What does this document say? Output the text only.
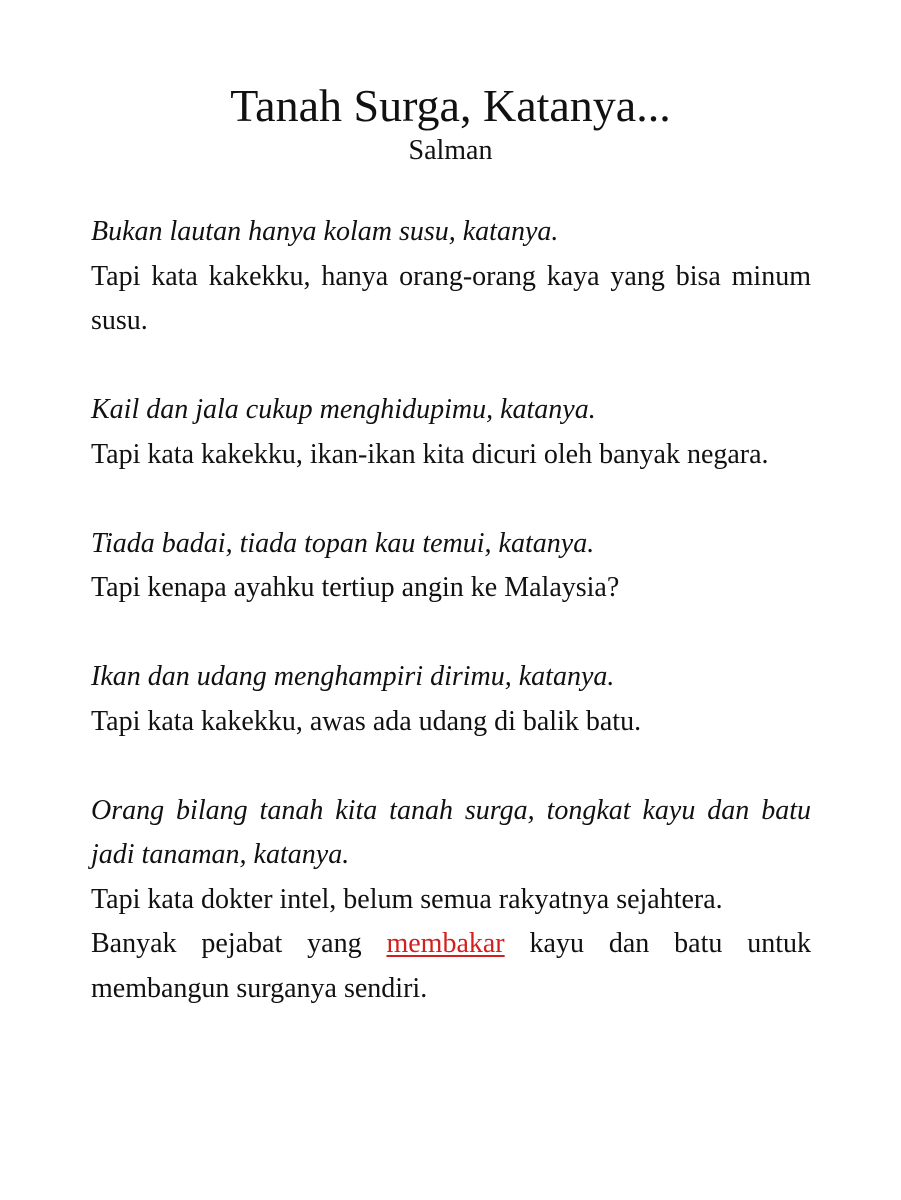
Tanah Surga, Katanya...

Salman

Bukan lautan hanya kolam susu, katanya.
Tapi kata kakekku, hanya orang-orang kaya yang bisa minum susu.
Kail dan jala cukup menghidupimu, katanya.
Tapi kata kakekku, ikan-ikan kita dicuri oleh banyak negara.
Tiada badai, tiada topan kau temui, katanya.
Tapi kenapa ayahku tertiup angin ke Malaysia?
Ikan dan udang menghampiri dirimu, katanya.
Tapi kata kakekku, awas ada udang di balik batu.
Orang bilang tanah kita tanah surga, tongkat kayu dan batu jadi tanaman, katanya.
Tapi kata dokter intel, belum semua rakyatnya sejahtera.
Banyak pejabat yang membakar kayu dan batu untuk membangun surganya sendiri.
